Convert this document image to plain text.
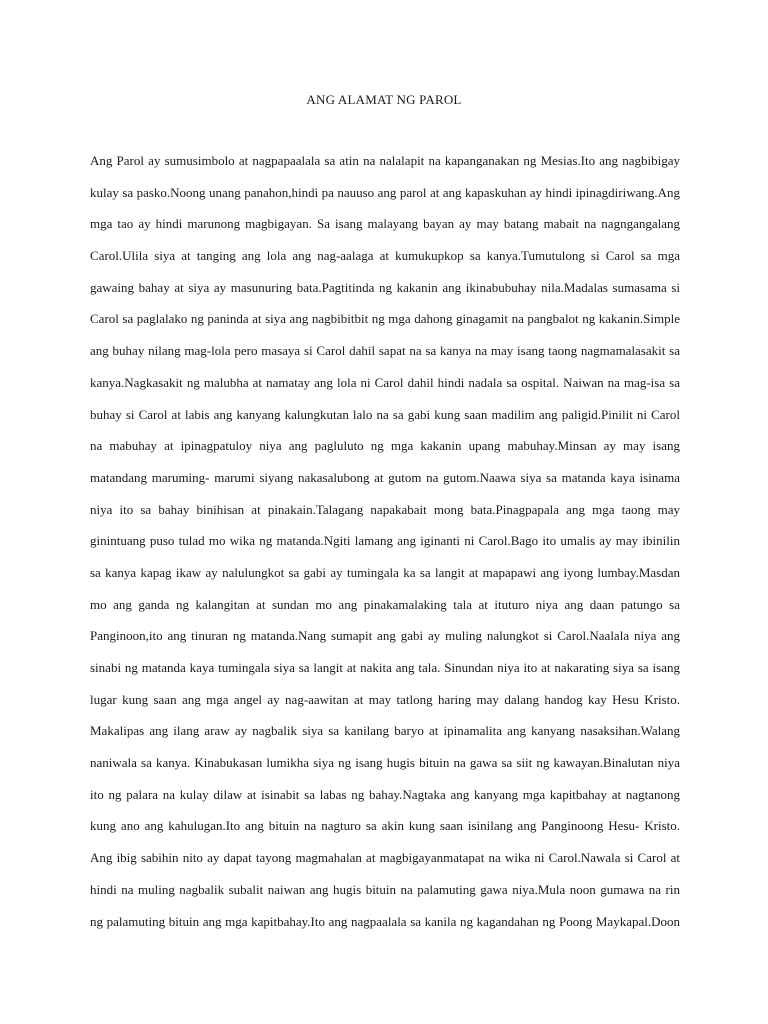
ANG ALAMAT NG PAROL
Ang Parol ay sumusimbolo at nagpapaalala sa atin na nalalapit na kapanganakan ng Mesias.Ito ang nagbibigay
kulay sa pasko.Noong unang panahon,hindi pa nauuso ang parol at ang kapaskuhan ay hindi ipinagdiriwang.Ang
mga tao ay hindi marunong magbigayan. Sa isang malayang bayan ay may batang mabait na nagngangalang
Carol.Ulila siya at tanging ang lola ang nag-aalaga at kumukupkop sa kanya.Tumutulong si Carol sa mga
gawaing bahay at siya ay masunuring bata.Pagtitinda ng kakanin ang ikinabubuhay nila.Madalas sumasama si
Carol sa paglalako ng paninda at siya ang nagbibitbit ng mga dahong ginagamit na pangbalot ng kakanin.Simple
ang buhay nilang mag-lola pero masaya si Carol dahil sapat na sa kanya na may isang taong nagmamalasakit sa
kanya.Nagkasakit ng malubha at namatay ang lola ni Carol dahil hindi nadala sa ospital. Naiwan na mag-isa sa
buhay si Carol at labis ang kanyang kalungkutan lalo na sa gabi kung saan madilim ang paligid.Pinilit ni Carol
na mabuhay at ipinagpatuloy niya ang pagluluto ng mga kakanin upang mabuhay.Minsan ay may isang
matandang maruming- marumi siyang nakasalubong at gutom na gutom.Naawa siya sa matanda kaya isinama
niya ito sa bahay binihisan at pinakain.Talagang napakabait mong bata.Pinagpapala ang mga taong may
ginintuang puso tulad mo wika ng matanda.Ngiti lamang ang iginanti ni Carol.Bago ito umalis ay may ibinilin
sa kanya kapag ikaw ay nalulungkot sa gabi ay tumingala ka sa langit at mapapawi ang iyong lumbay.Masdan
mo ang ganda ng kalangitan at sundan mo ang pinakamalaking tala at ituturo niya ang daan patungo sa
Panginoon,ito ang tinuran ng matanda.Nang sumapit ang gabi ay muling nalungkot si Carol.Naalala niya ang
sinabi ng matanda kaya tumingala siya sa langit at nakita ang tala. Sinundan niya ito at nakarating siya sa isang
lugar kung saan ang mga angel ay nag-aawitan at may tatlong haring may dalang handog kay Hesu Kristo.
Makalipas ang ilang araw ay nagbalik siya sa kanilang baryo at ipinamalita ang kanyang nasaksihan.Walang
naniwala sa kanya. Kinabukasan lumikha siya ng isang hugis bituin na gawa sa siit ng kawayan.Binalutan niya
ito ng palara na kulay dilaw at isinabit sa labas ng bahay.Nagtaka ang kanyang mga kapitbahay at nagtanong
kung ano ang kahulugan.Ito ang bituin na nagturo sa akin kung saan isinilang ang Panginoong Hesu- Kristo.
Ang ibig sabihin nito ay dapat tayong magmahalan at magbigayanmatapat na wika ni Carol.Nawala si Carol at
hindi na muling nagbalik subalit naiwan ang hugis bituin na palamuting gawa niya.Mula noon gumawa na rin
ng palamuting bituin ang mga kapitbahay.Ito ang nagpaalala sa kanila ng kagandahan ng Poong Maykapal.Doon
